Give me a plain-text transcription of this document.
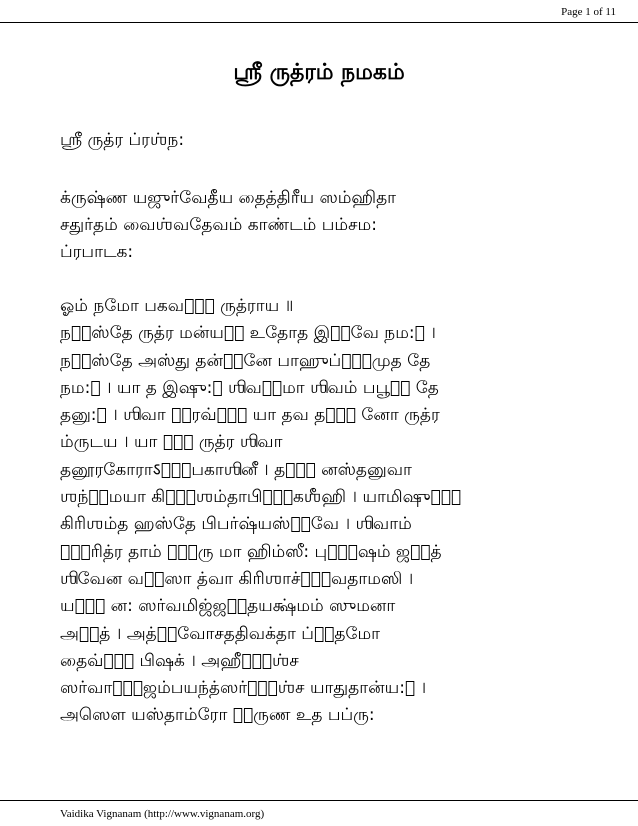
Page 1 of 11
ஶ்ரீ ருத்ரம் நமகம்
ஶ்ரீ ருத்ர ப்ரஶ்ந꞉
க்ருஷ்ண யஜுர்வேதீய தைத்திரீய ஸம்ஹிதா
சதுர்தம் வைஶ்வதேவம் காண்டம் பம்சம꞉
ப்ரபாடக꞉
ஓம் நமோ பகவதே᳚ ருத்ராய ॥
நம॑ஸ்தே ருத்ர மன்யவ॑ உதோத இஷ॑வே நம꞉॑ ।
நம॑ஸ்தே அஸ்து தன்வ॑னே பாஹுப்யா॑முத தே
நம꞉॑ । யா த இஷு꞉॑ ஶிவத॑மா ஶிவம் பபூவ॑ தே
தனு꞉॑ । ஶிவா ஶ॑ரவ்யா॑ யா தவ தயா॑ னோ ருத்ர
ம்ருடய । யா தே॑ ருத்ர ஶிவா
தனூரகோராऽபா॑பகாஶினீ । தயா॑ னஸ்தனுவா
ஶந்த॑மயா கிரி॑ஶம்தாபிசா॑கஶீஹி । யாமிஷும்॑
கிரிஶம்த ஹஸ்தே பிபர்ஷ்யஸ்த॑வே । ஶிவாம்
கி॑ரித்ர தாம் கு॑ரு மா ஹிம்ஸீ꞉ புரு॑ஷம் ஜக॑த்
ஶிவேன வச॑ஸா த்வா கிரிஶாச்சா॑வதாமஸி ।
யதா॑ ன꞉ ஸர்வமிஜ்ஜக॑தயக்ஷ்மம் ஸுமனா
அஸ॑த் । அத்ய॑வோசததிவக்தா ப்ர॑தமோ
தைவ்யோ॑ பிஷக் । அஹீம்॑ஶ்ச
ஸர்வாம்᳚ஜம்பயந்த்ஸர்வா᳚ஶ்ச யாதுதான்ய꞉॑ ।
அஸௌ யஸ்தாம்ரோ அ॑ருண உத பப்ரு꞉
Vaidika Vignanam (http://www.vignanam.org)
